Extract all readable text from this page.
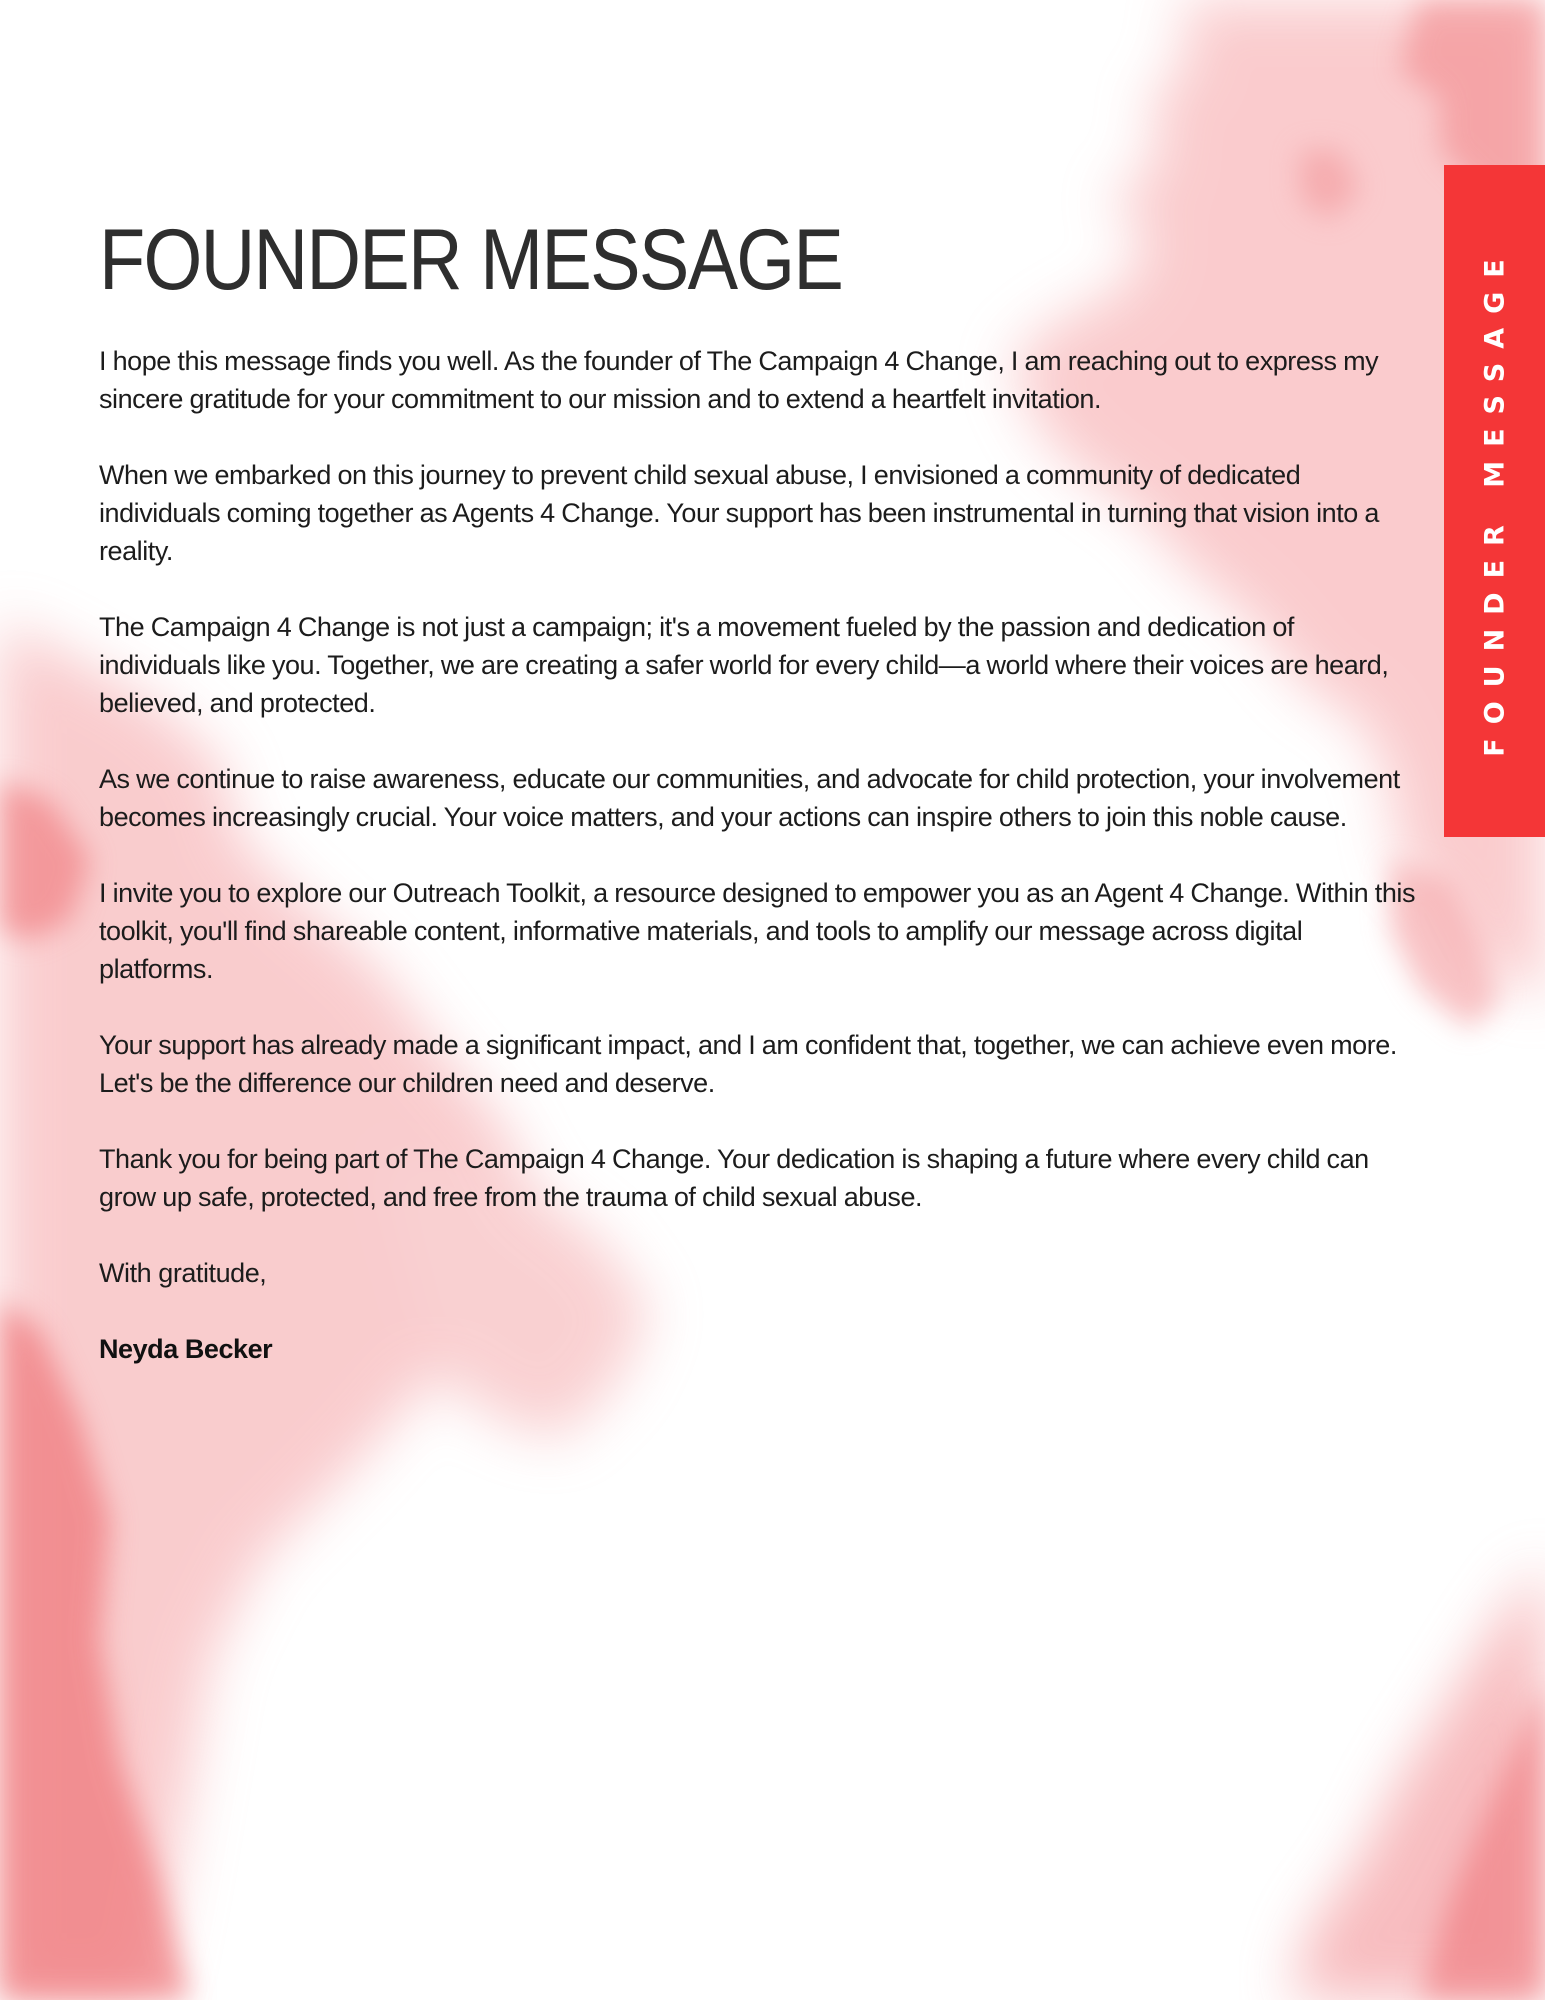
FOUNDER MESSAGE
FOUNDER MESSAGE

I hope this message finds you well. As the founder of The Campaign 4 Change, I am reaching out to express my sincere gratitude for your commitment to our mission and to extend a heartfelt invitation.

When we embarked on this journey to prevent child sexual abuse, I envisioned a community of dedicated individuals coming together as Agents 4 Change. Your support has been instrumental in turning that vision into a reality.

The Campaign 4 Change is not just a campaign; it's a movement fueled by the passion and dedication of individuals like you. Together, we are creating a safer world for every child—a world where their voices are heard, believed, and protected.

As we continue to raise awareness, educate our communities, and advocate for child protection, your involvement becomes increasingly crucial. Your voice matters, and your actions can inspire others to join this noble cause.

I invite you to explore our Outreach Toolkit, a resource designed to empower you as an Agent 4 Change. Within this toolkit, you'll find shareable content, informative materials, and tools to amplify our message across digital platforms.

Your support has already made a significant impact, and I am confident that, together, we can achieve even more. Let's be the difference our children need and deserve.

Thank you for being part of The Campaign 4 Change. Your dedication is shaping a future where every child can grow up safe, protected, and free from the trauma of child sexual abuse.

With gratitude,

Neyda Becker
